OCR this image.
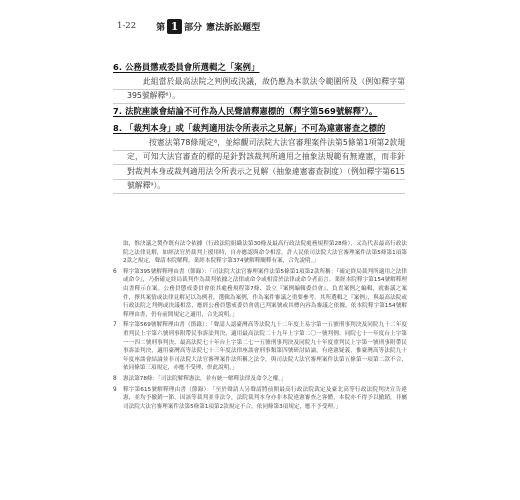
1-22 第 1 部分 憲法訴訟題型
6. 公務員懲戒委員會所選輯之「案例」
　　此組當於最高法院之判例或決議，故仍應為本款法令範圍所及（例如釋字第395號解釋⁶）。
7. 法院座談會結論不可作為人民聲請釋憲標的（釋字第569號解釋⁷）。
8. 「裁判本身」或「裁判適用法令所表示之見解」不可為違憲審查之標的
按憲法第78條規定⁸，並綜觀司法院大法官審理案件法第5條第1項第2款規定，可知大法官審查的標的是針對該裁判所適用之抽象法規範有無違憲，而非針對裁判本身或裁判適用法令所表示之見解（抽象違憲審查制度）（例如釋字第615號解釋⁹）。
取，惟決議之製作既有法令依據（行政法院組織法第30條及最高行政法院處務規程第28條），又為代表最高行政法院之法律見解，如經法官於裁判上援用時，自亦應認與命令相當，許人民依司法院大法官審理案件法第5條第1項第2款之規定，聲請本院解釋，業經本院釋字第374號解釋闡釋有案，合先說明。」
6	釋字第395號解釋理由書（節錄）：「司法院大法官審理案件法第5條第1項第2款所稱：『確定終局裁判所適用之法律或命令』，乃指確定終局裁判作為裁判依據之法律或命令或相當於法律或命令者而言。業經本院釋字第154號解釋理由書釋示在案。公務員懲戒委員會依其處務規程第7條、設立『案例編輯委員會』，負責案例之編輯，就審議之案件，擇其案情或法律見解足以為例者，選輯為案例，作為案件審議之重要參考。其所選輯之『案例』，與最高法院或行政法院之判例或決議相當，應經公務員懲戒委員會就已判案號或其標內容為審議之依據，依本院釋字第154號解釋理由書，仍有前開規定之適用，合先說明。」
7	釋字第569號解釋理由書（節錄）：「聲請人認臺灣高等法院九十二年度上易字第一五號刑事判決及同院九十二年度重判民上字第六號刑事附帶民事訴訟判決，適用最高法院二十九年上字第二〇一號判例、同院七十一年度台上字第一一四二號刑事判決、最高法院七十年台上字第二七一五號刑事判決及同院九十年度重判民上字第一號刑事附帶民事訴訟判決，適用臺灣高等法院七十三年度法律座談會刑事類第四號研討結論，有違憲疑義，惟臺灣高等法院九十年度座談會結論並非司法院大法官審理案件法所稱之法令，與司法院大法官審理案件法第五條第一項第二款不合，依同條第三項規定，亦應不受理，併此說明。」
8	憲法第78條：「司法院解釋憲法，並有統一解釋法律及命令之權。」
9	釋字第615號解釋理由書（節錄）：「至於聲請人另聲請將前開最高行政法院裁定及臺北高等行政法院判決宣告違憲，並均予撤銷一節，因該等裁判並非法令，法院裁判本身亦非本院違憲審查之客體，本院亦不得予以撤銷，非屬司法院大法官審理案件法第5條第1項第2款規定不合，依同條第3項規定，應不予受理。」
